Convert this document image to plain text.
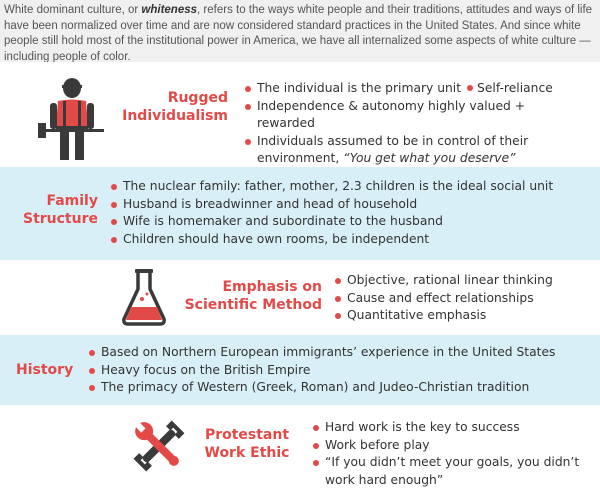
White dominant culture, or whiteness, refers to the ways white people and their traditions, attitudes and ways of life have been normalized over time and are now considered standard practices in the United States. And since white people still hold most of the institutional power in America, we have all internalized some aspects of white culture — including people of color.
Rugged
Individualism
The individual is the primary unit Self-reliance
Independence & autonomy highly valued + rewarded
Individuals assumed to be in control of their environment, “You get what you deserve”
Family
Structure
The nuclear family: father, mother, 2.3 children is the ideal social unit
Husband is breadwinner and head of household
Wife is homemaker and subordinate to the husband
Children should have own rooms, be independent
Emphasis on
Scientific Method
Objective, rational linear thinking
Cause and effect relationships
Quantitative emphasis
History
Based on Northern European immigrants’ experience in the United States
Heavy focus on the British Empire
The primacy of Western (Greek, Roman) and Judeo-Christian tradition
Protestant
Work Ethic
Hard work is the key to success
Work before play
“If you didn’t meet your goals, you didn’t work hard enough”
